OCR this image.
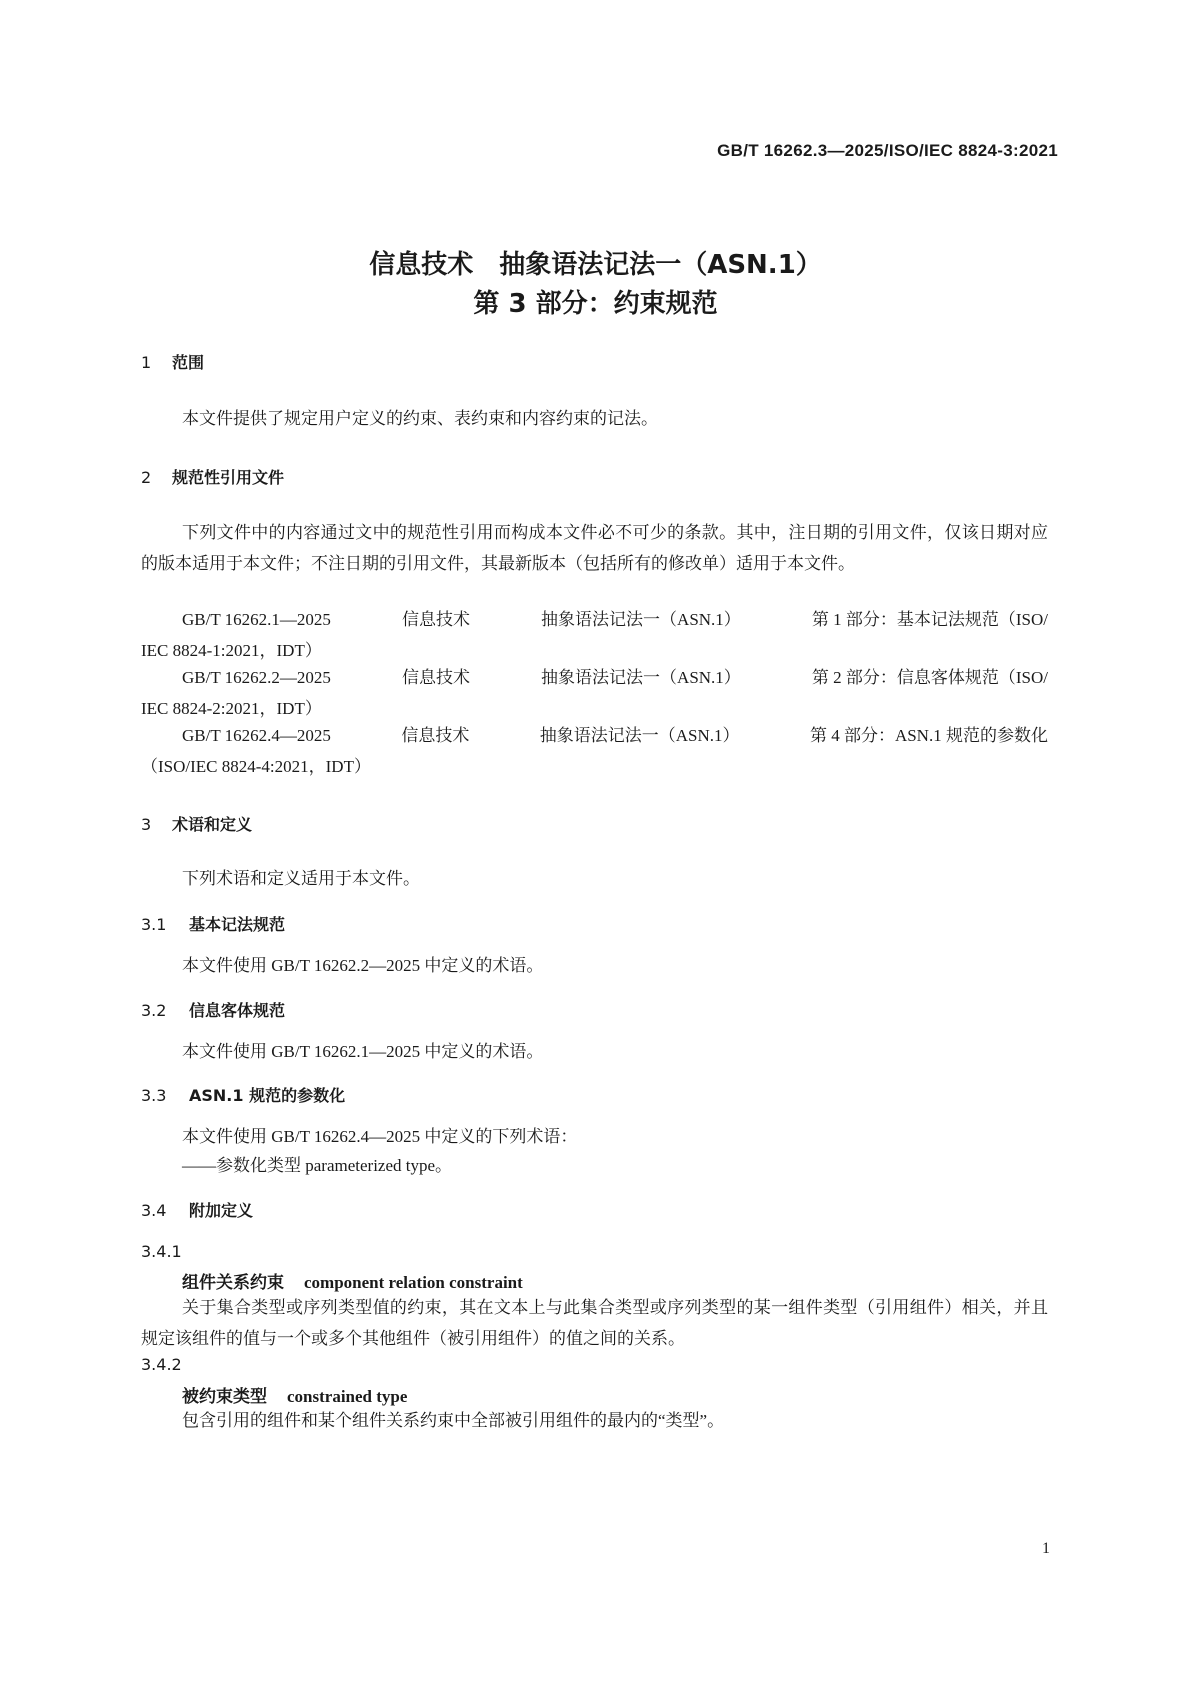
GB/T 16262.3—2025/ISO/IEC 8824-3:2021
信息技术　抽象语法记法一（ASN.1）
第 3 部分：约束规范
1 范围
本文件提供了规定用户定义的约束、表约束和内容约束的记法。
2 规范性引用文件
下列文件中的内容通过文中的规范性引用而构成本文件必不可少的条款。其中，注日期的引用文件，仅该日期对应的版本适用于本文件；不注日期的引用文件，其最新版本（包括所有的修改单）适用于本文件。
GB/T 16262.1—2025	信息技术	抽象语法记法一（ASN.1）	第 1 部分：基本记法规范（ISO/
IEC 8824-1:2021，IDT）
GB/T 16262.2—2025	信息技术	抽象语法记法一（ASN.1）	第 2 部分：信息客体规范（ISO/
IEC 8824-2:2021，IDT）
GB/T 16262.4—2025	信息技术	抽象语法记法一（ASN.1）	第 4 部分：ASN.1 规范的参数化
（ISO/IEC 8824-4:2021，IDT）
3 术语和定义
下列术语和定义适用于本文件。
3.1 基本记法规范
本文件使用 GB/T 16262.2—2025 中定义的术语。
3.2 信息客体规范
本文件使用 GB/T 16262.1—2025 中定义的术语。
3.3 ASN.1 规范的参数化
本文件使用 GB/T 16262.4—2025 中定义的下列术语：
——参数化类型 parameterized type。
3.4 附加定义
3.4.1
组件关系约束 component relation constraint
关于集合类型或序列类型值的约束，其在文本上与此集合类型或序列类型的某一组件类型（引用组件）相关，并且规定该组件的值与一个或多个其他组件（被引用组件）的值之间的关系。
3.4.2
被约束类型 constrained type
包含引用的组件和某个组件关系约束中全部被引用组件的最内的“类型”。
1
